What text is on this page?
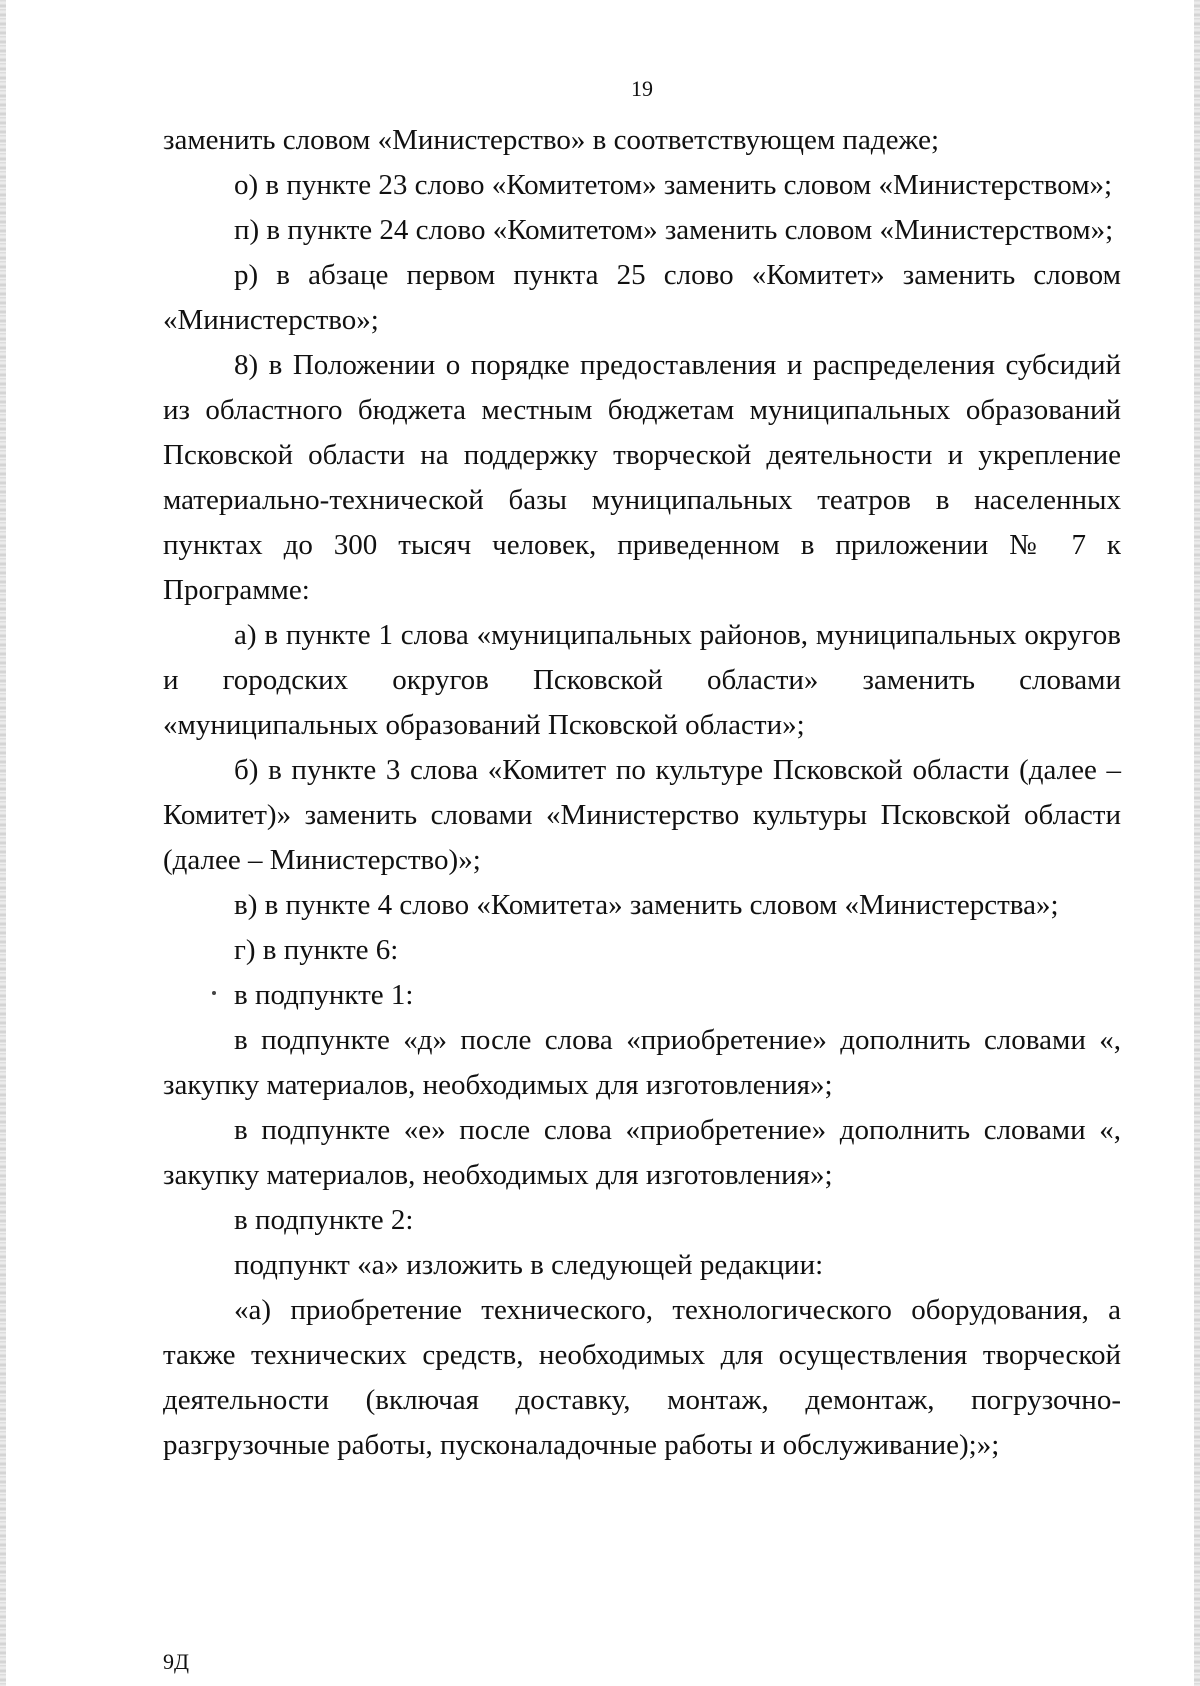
19

заменить словом «Министерство» в соответствующем падеже;

о) в пункте 23 слово «Комитетом» заменить словом «Министерством»;

п) в пункте 24 слово «Комитетом» заменить словом «Министерством»;

р) в абзаце первом пункта 25 слово «Комитет» заменить словом «Министерство»;

8) в Положении о порядке предоставления и распределения субсидий из областного бюджета местным бюджетам муниципальных образований Псковской области на поддержку творческой деятельности и укрепление материально-технической базы муниципальных театров в населенных пунктах до 300 тысяч человек, приведенном в приложении № 7 к Программе:

а) в пункте 1 слова «муниципальных районов, муниципальных округов и городских округов Псковской области» заменить словами «муниципальных образований Псковской области»;

б) в пункте 3 слова «Комитет по культуре Псковской области (далее – Комитет)» заменить словами «Министерство культуры Псковской области (далее – Министерство)»;

в) в пункте 4 слово «Комитета» заменить словом «Министерства»;

г) в пункте 6:

в подпункте 1:

в подпункте «д» после слова «приобретение» дополнить словами «, закупку материалов, необходимых для изготовления»;

в подпункте «е» после слова «приобретение» дополнить словами «, закупку материалов, необходимых для изготовления»;

в подпункте 2:

подпункт «а» изложить в следующей редакции:

«а) приобретение технического, технологического оборудования, а также технических средств, необходимых для осуществления творческой деятельности (включая доставку, монтаж, демонтаж, погрузочно-разгрузочные работы, пусконаладочные работы и обслуживание);»;

9Д
